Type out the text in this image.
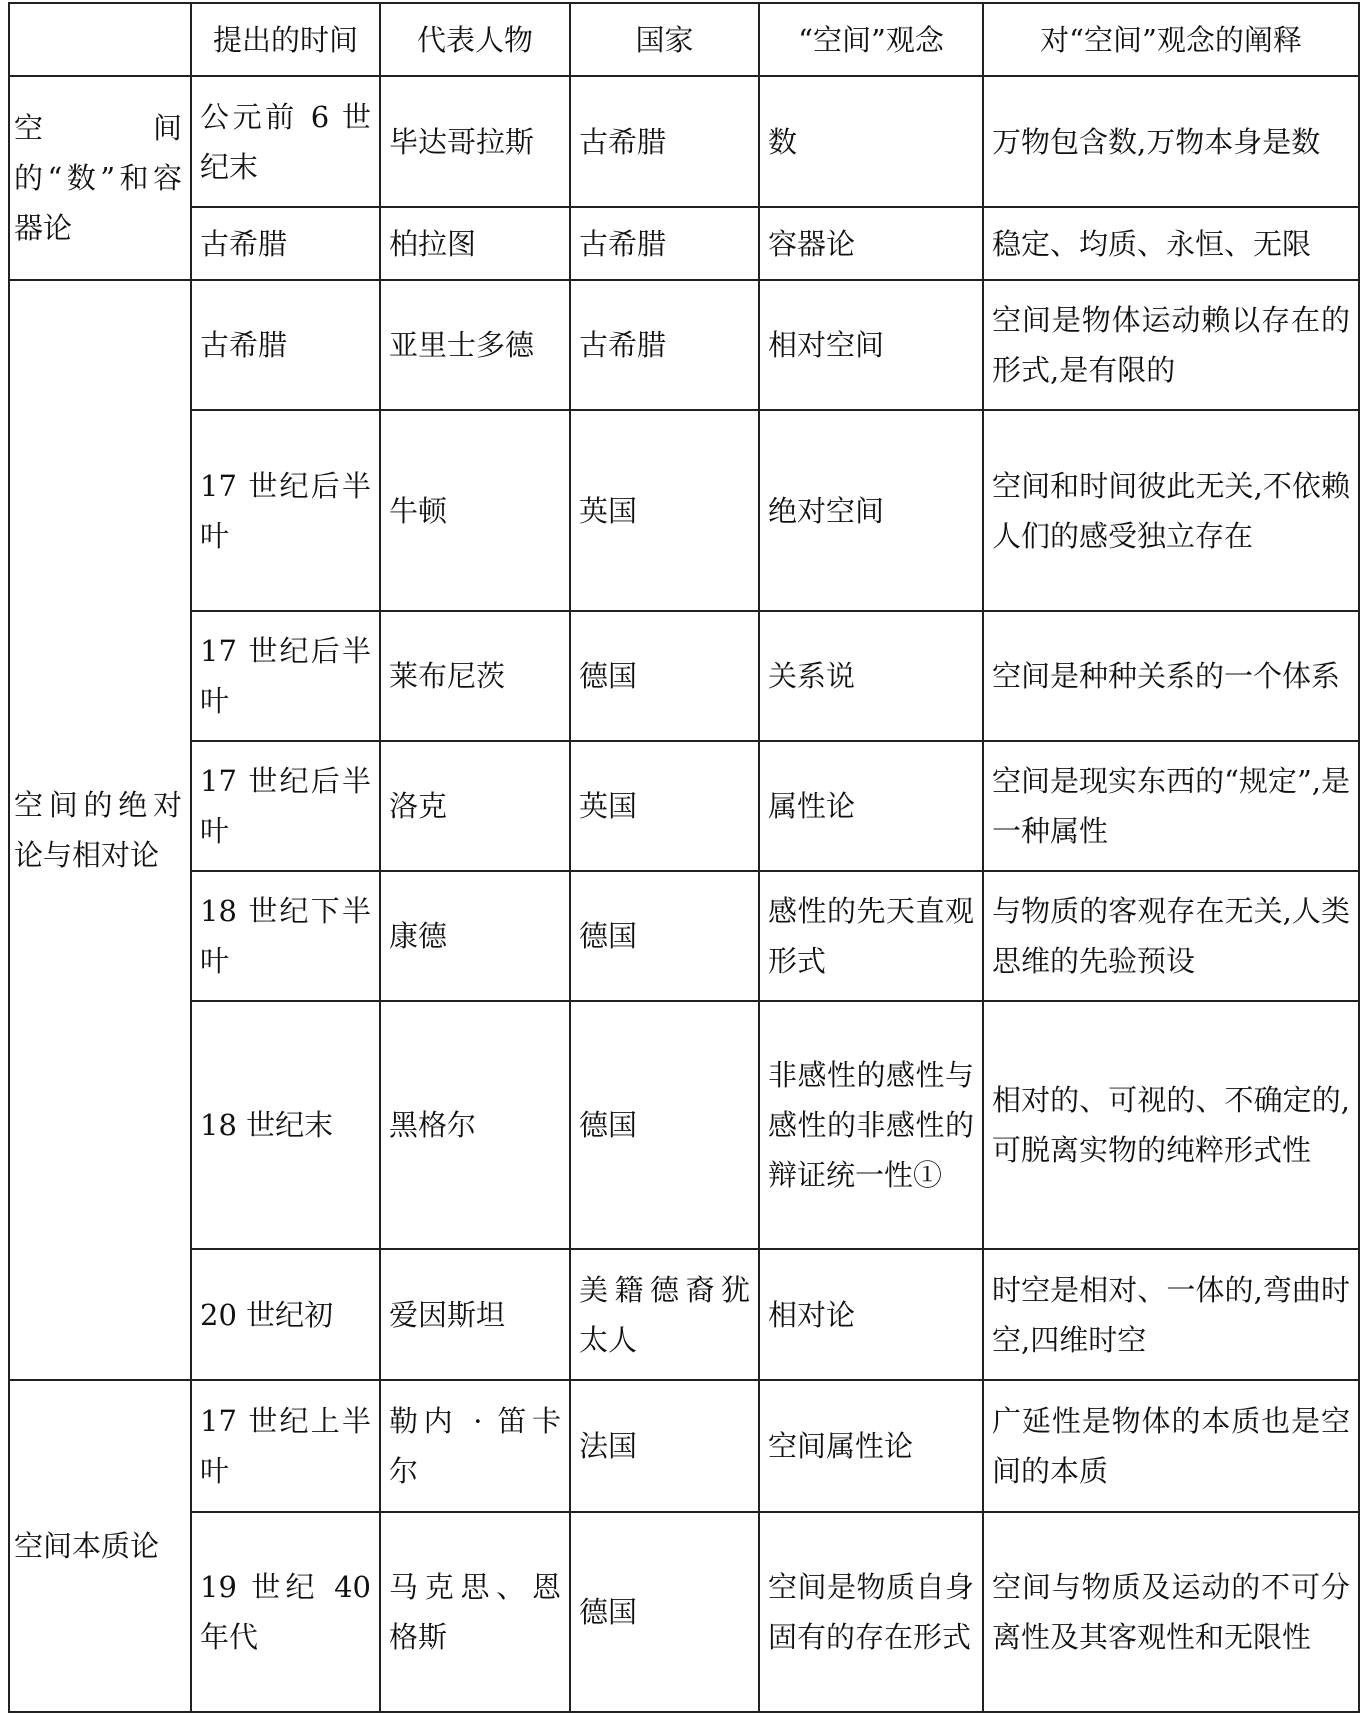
	提出的时间	代表人物	国家	“空间”观念	对“空间”观念的阐释
空间的“数”和容器论	公元前 6 世纪末	毕达哥拉斯	古希腊	数	万物包含数,万物本身是数
	古希腊	柏拉图	古希腊	容器论	稳定、均质、永恒、无限
空间的绝对论与相对论	古希腊	亚里士多德	古希腊	相对空间	空间是物体运动赖以存在的形式,是有限的
	17 世纪后半叶	牛顿	英国	绝对空间	空间和时间彼此无关,不依赖人们的感受独立存在
	17 世纪后半叶	莱布尼茨	德国	关系说	空间是种种关系的一个体系
	17 世纪后半叶	洛克	英国	属性论	空间是现实东西的“规定”,是一种属性
	18 世纪下半叶	康德	德国	感性的先天直观形式	与物质的客观存在无关,人类思维的先验预设
	18 世纪末	黑格尔	德国	非感性的感性与感性的非感性的辩证统一性①	相对的、可视的、不确定的,可脱离实物的纯粹形式性
	20 世纪初	爱因斯坦	美籍德裔犹太人	相对论	时空是相对、一体的,弯曲时空,四维时空
空间本质论	17 世纪上半叶	勒内 · 笛卡尔	法国	空间属性论	广延性是物体的本质也是空间的本质
	19 世纪 40 年代	马克思、恩格斯	德国	空间是物质自身固有的存在形式	空间与物质及运动的不可分离性及其客观性和无限性
